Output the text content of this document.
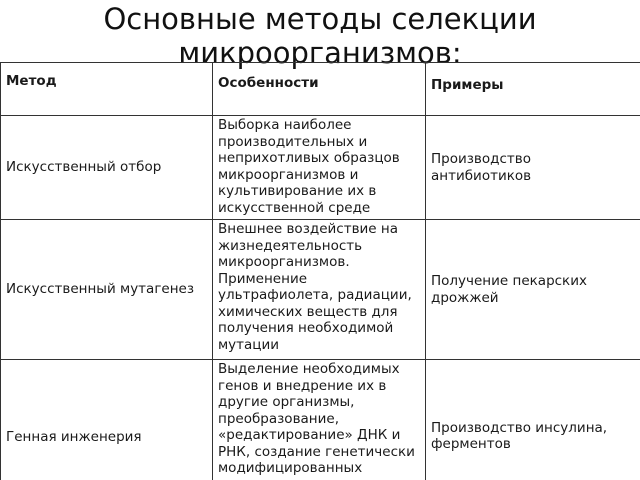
Основные методы селекции
микроорганизмов:
Метод	Особенности	Примеры
Искусственный отбор	Выборка наиболее производительных и неприхотливых образцов микроорганизмов и культивирование их в искусственной среде	Производство антибиотиков
Искусственный мутагенез	Внешнее воздействие на жизнедеятельность микроорганизмов. Применение ультрафиолета, радиации, химических веществ для получения необходимой мутации	Получение пекарских дрожжей
Генная инженерия	Выделение необходимых генов и внедрение их в другие организмы, преобразование, «редактирование» ДНК и РНК, создание генетически модифицированных	Производство инсулина, ферментов
